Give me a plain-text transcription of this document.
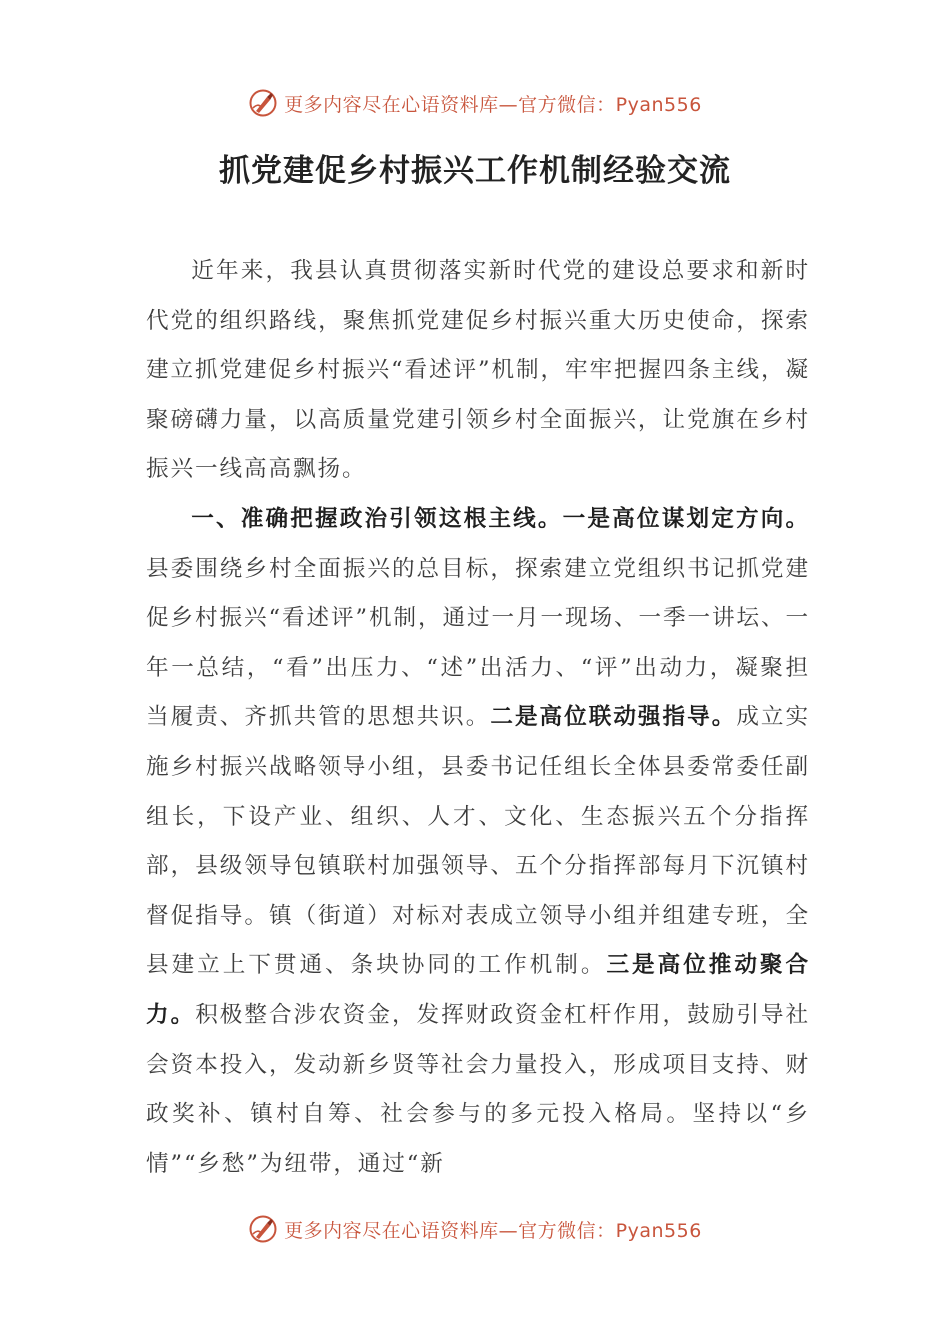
更多内容尽在心语资料库—官方微信：Pyan556
抓党建促乡村振兴工作机制经验交流

近年来，我县认真贯彻落实新时代党的建设总要求和新时代党的组织路线，聚焦抓党建促乡村振兴重大历史使命，探索建立抓党建促乡村振兴“看述评”机制，牢牢把握四条主线，凝聚磅礴力量，以高质量党建引领乡村全面振兴，让党旗在乡村振兴一线高高飘扬。

一、准确把握政治引领这根主线。一是高位谋划定方向。县委围绕乡村全面振兴的总目标，探索建立党组织书记抓党建促乡村振兴“看述评”机制，通过一月一现场、一季一讲坛、一年一总结，“看”出压力、“述”出活力、“评”出动力，凝聚担当履责、齐抓共管的思想共识。二是高位联动强指导。成立实施乡村振兴战略领导小组，县委书记任组长全体县委常委任副组长，下设产业、组织、人才、文化、生态振兴五个分指挥部，县级领导包镇联村加强领导、五个分指挥部每月下沉镇村督促指导。镇（街道）对标对表成立领导小组并组建专班，全县建立上下贯通、条块协同的工作机制。三是高位推动聚合力。积极整合涉农资金，发挥财政资金杠杆作用，鼓励引导社会资本投入，发动新乡贤等社会力量投入，形成项目支持、财政奖补、镇村自筹、社会参与的多元投入格局。坚持以“乡情”“乡愁”为纽带，通过“新

更多内容尽在心语资料库—官方微信：Pyan556
